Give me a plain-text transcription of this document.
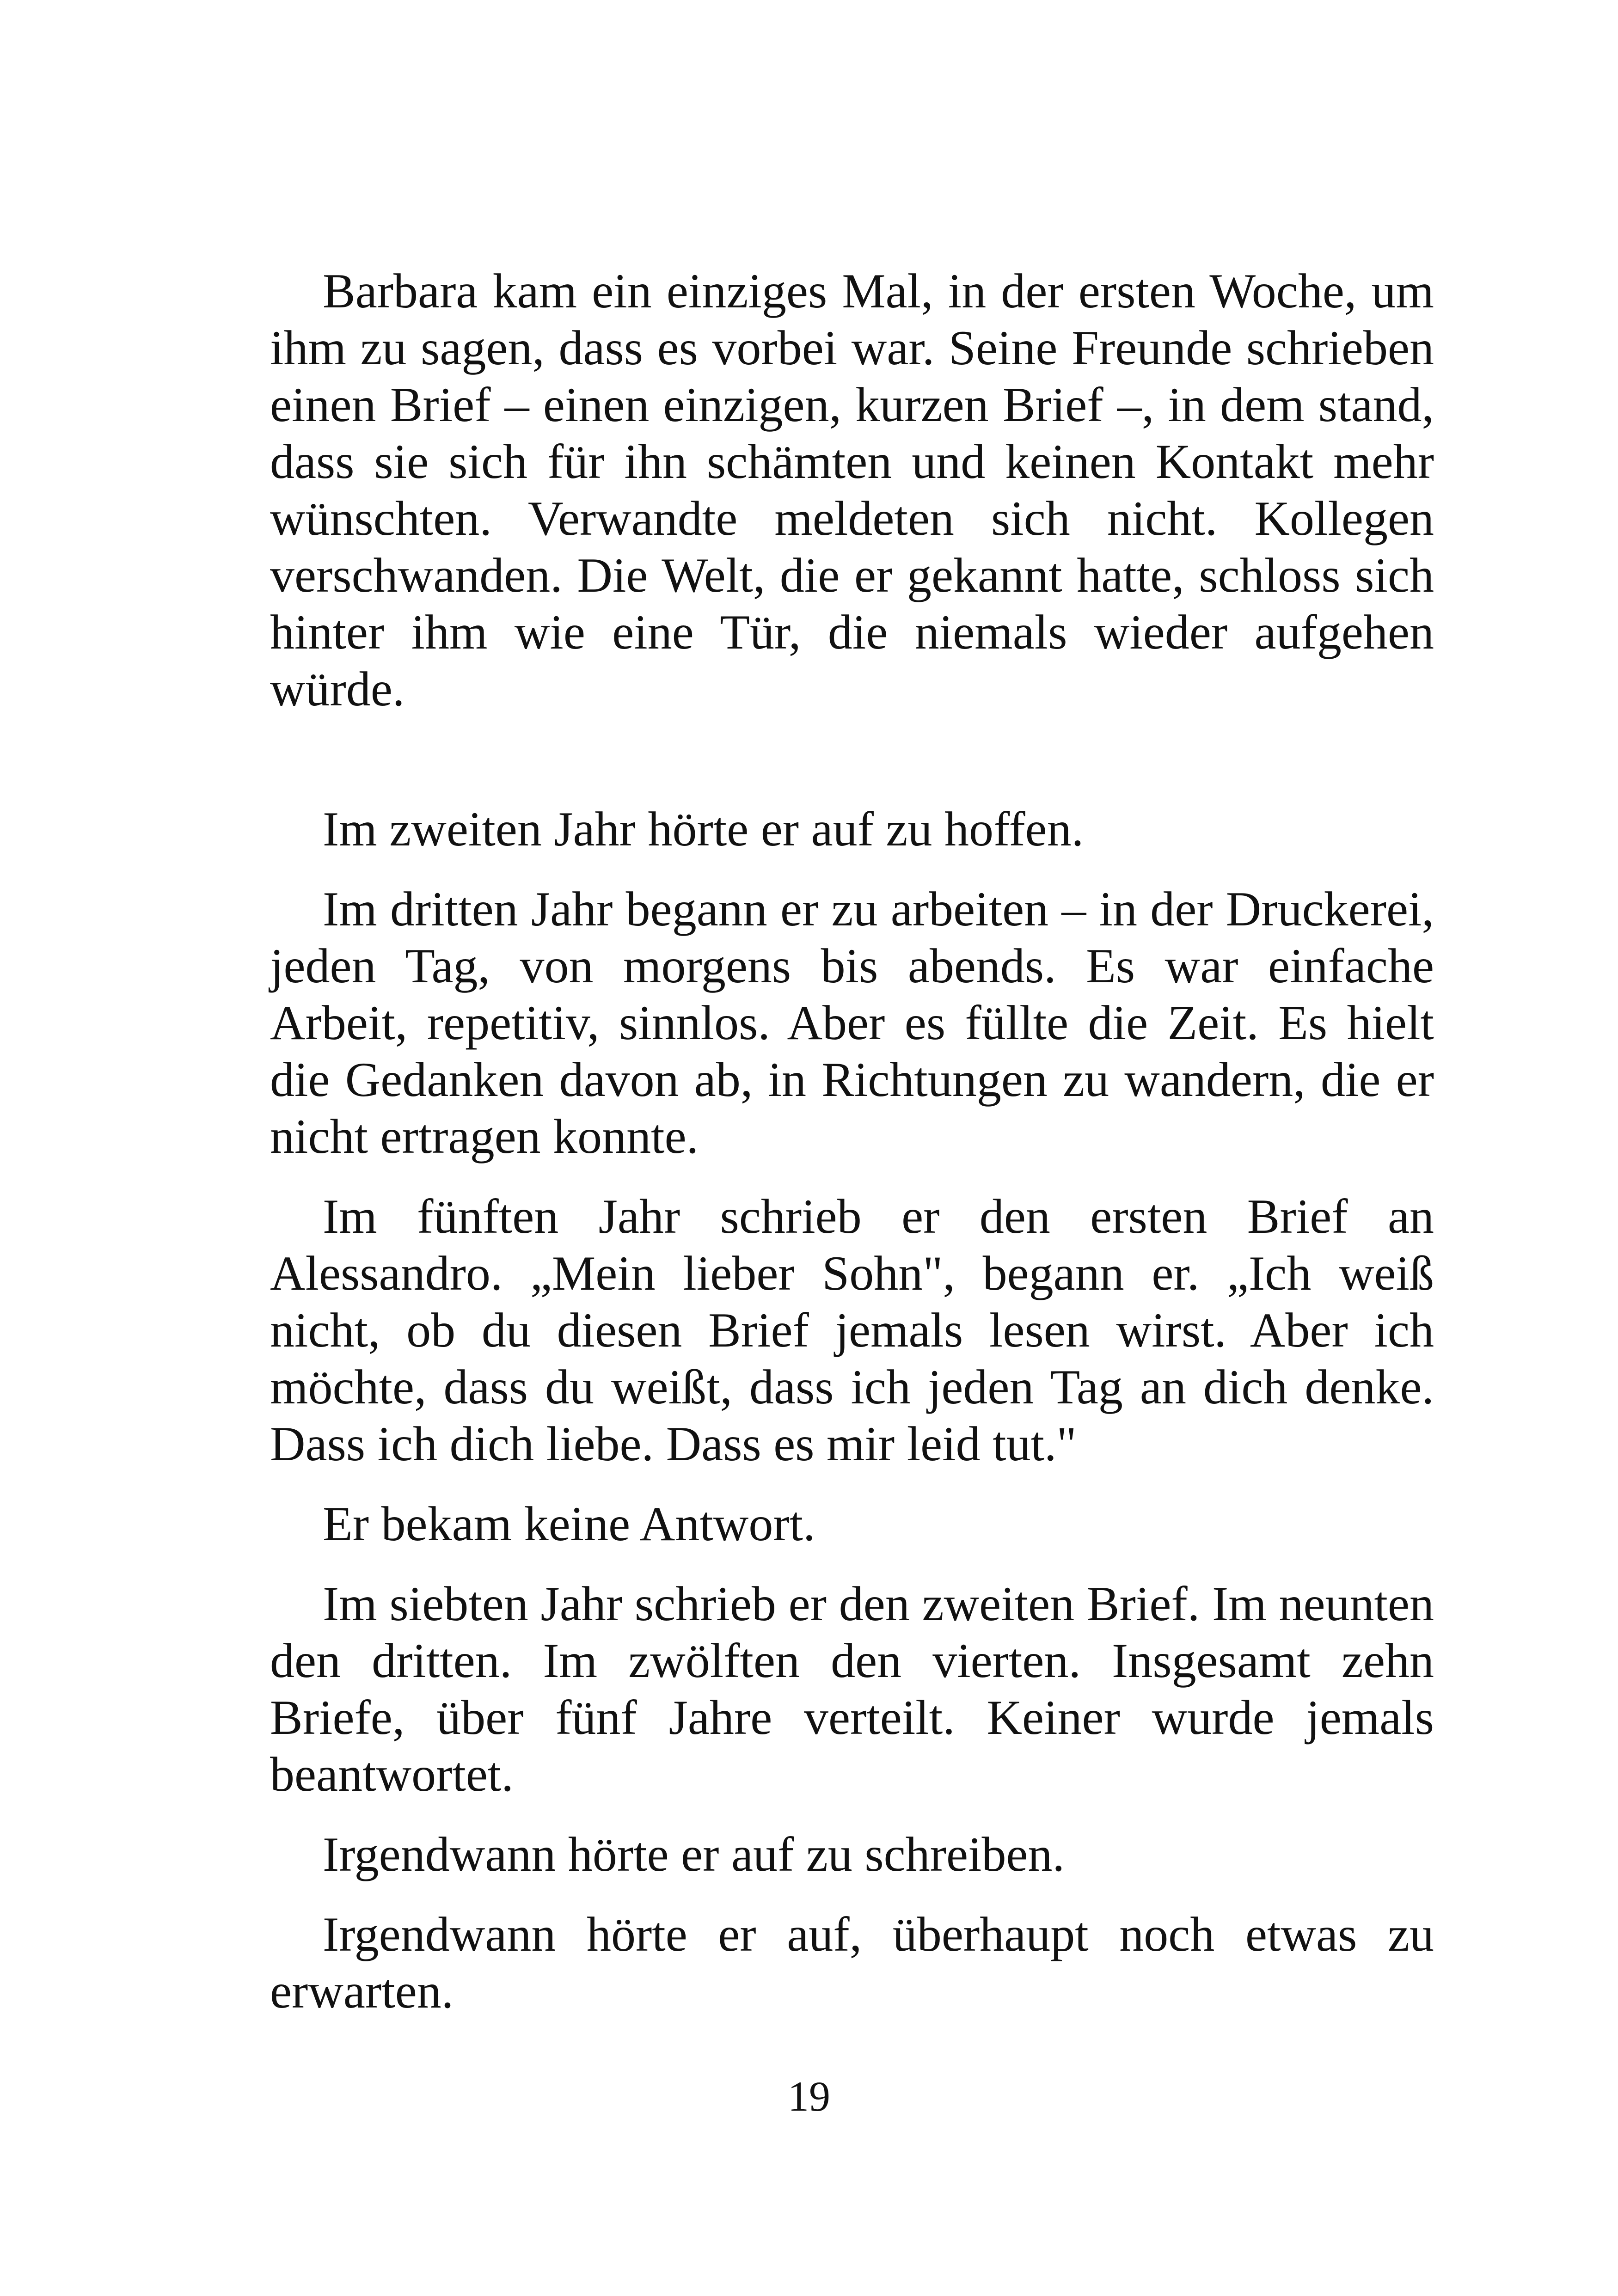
Barbara kam ein einziges Mal, in der ersten Woche, um ihm zu sagen, dass es vorbei war. Seine Freunde schrieben einen Brief – einen einzigen, kurzen Brief –, in dem stand, dass sie sich für ihn schämten und keinen Kontakt mehr wünschten. Verwandte meldeten sich nicht. Kollegen verschwanden. Die Welt, die er gekannt hatte, schloss sich hinter ihm wie eine Tür, die niemals wieder aufgehen würde.

Im zweiten Jahr hörte er auf zu hoffen.

Im dritten Jahr begann er zu arbeiten – in der Druckerei, jeden Tag, von morgens bis abends. Es war einfache Arbeit, repetitiv, sinnlos. Aber es füllte die Zeit. Es hielt die Gedanken davon ab, in Richtungen zu wandern, die er nicht ertragen konnte.

Im fünften Jahr schrieb er den ersten Brief an Alessandro. „Mein lieber Sohn", begann er. „Ich weiß nicht, ob du diesen Brief jemals lesen wirst. Aber ich möchte, dass du weißt, dass ich jeden Tag an dich denke. Dass ich dich liebe. Dass es mir leid tut."

Er bekam keine Antwort.

Im siebten Jahr schrieb er den zweiten Brief. Im neunten den dritten. Im zwölften den vierten. Insgesamt zehn Briefe, über fünf Jahre verteilt. Keiner wurde jemals beantwortet.

Irgendwann hörte er auf zu schreiben.

Irgendwann hörte er auf, überhaupt noch etwas zu erwarten.

19
